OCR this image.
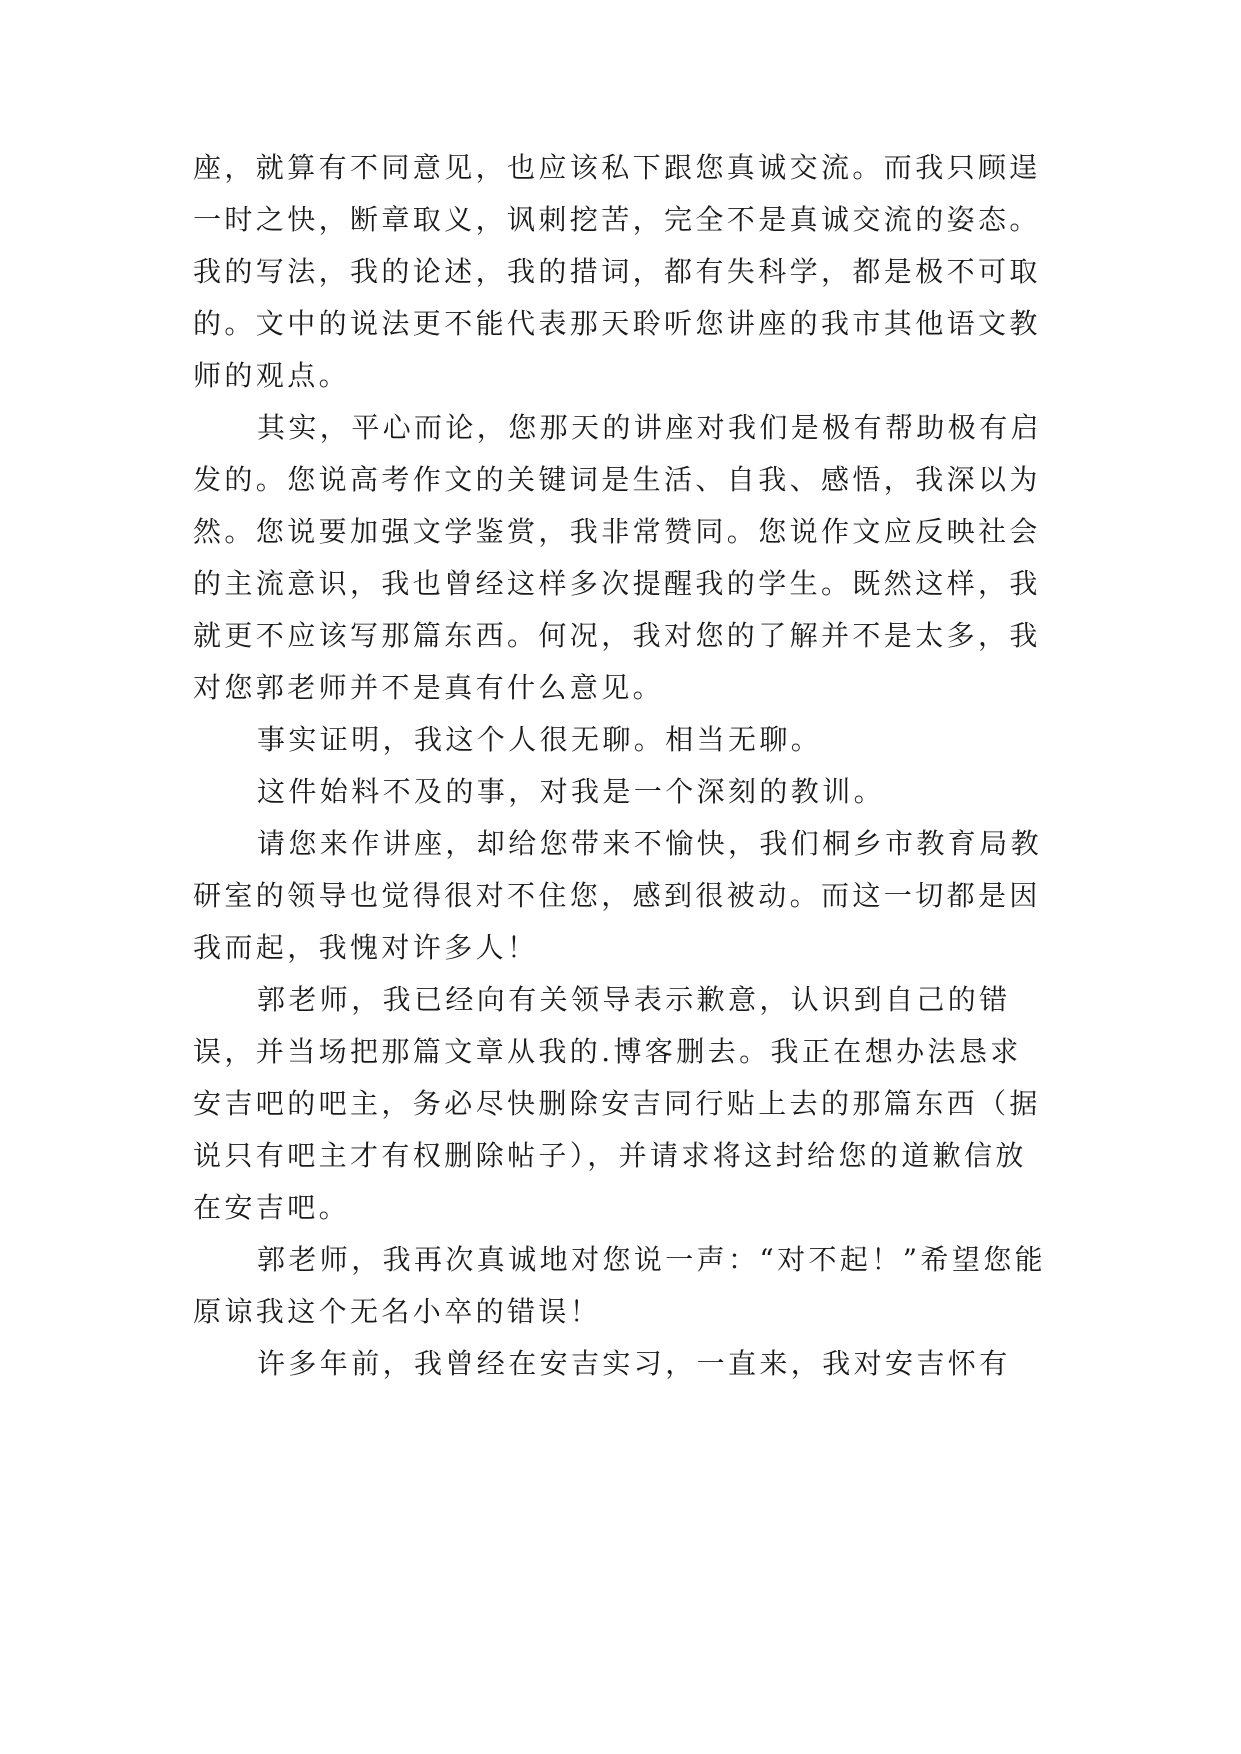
座，就算有不同意见，也应该私下跟您真诚交流。而我只顾逞一时之快，断章取义，讽刺挖苦，完全不是真诚交流的姿态。我的写法，我的论述，我的措词，都有失科学，都是极不可取的。文中的说法更不能代表那天聆听您讲座的我市其他语文教师的观点。

其实，平心而论，您那天的讲座对我们是极有帮助极有启发的。您说高考作文的关键词是生活、自我、感悟，我深以为然。您说要加强文学鉴赏，我非常赞同。您说作文应反映社会的主流意识，我也曾经这样多次提醒我的学生。既然这样，我就更不应该写那篇东西。何况，我对您的了解并不是太多，我对您郭老师并不是真有什么意见。

事实证明，我这个人很无聊。相当无聊。

这件始料不及的事，对我是一个深刻的教训。

请您来作讲座，却给您带来不愉快，我们桐乡市教育局教研室的领导也觉得很对不住您，感到很被动。而这一切都是因我而起，我愧对许多人！

郭老师，我已经向有关领导表示歉意，认识到自己的错误，并当场把那篇文章从我的.博客删去。我正在想办法恳求安吉吧的吧主，务必尽快删除安吉同行贴上去的那篇东西（据说只有吧主才有权删除帖子），并请求将这封给您的道歉信放在安吉吧。

郭老师，我再次真诚地对您说一声：“对不起！”希望您能原谅我这个无名小卒的错误！

许多年前，我曾经在安吉实习，一直来，我对安吉怀有
